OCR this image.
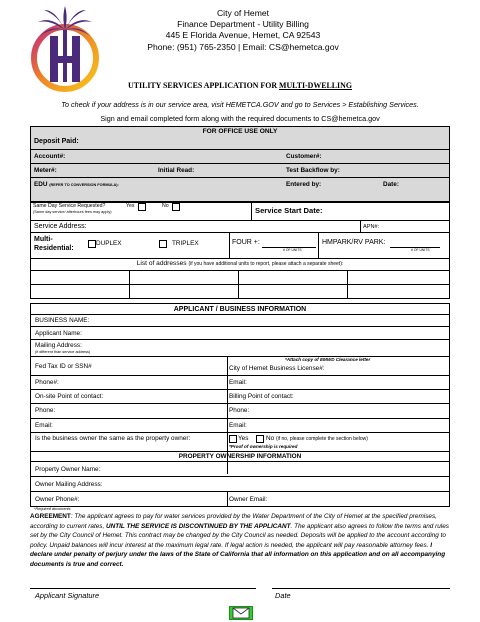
City of Hemet
Finance Department - Utility Billing
445 E Florida Avenue, Hemet, CA 92543
Phone: (951) 765-2350 | Email: CS@hemetca.gov
UTILITY SERVICES APPLICATION FOR MULTI-DWELLING
To check if your address is in our service area, visit HEMETCA.GOV and go to Services > Establishing Services.
Sign and email completed form along with the required documents to CS@hemetca.gov
FOR OFFICE USE ONLY
Deposit Paid:
Account#:	Customer#:
Meter#:	Initial Read:	Test Backflow by:
EDU (REFER TO CONVERSION FORMULA):	Entered by:	Date:
Same Day Service Requested?
(Same day service/ afterhours fees may apply)
Yes	No	Service Start Date:
Service Address:	APN#:
Multi-
Residential:
DUPLEX	TRIPLEX	FOUR +:
# OF UNITS
HMPARK/RV PARK:
# OF UNITS
List of addresses (if you have additional units to report, please attach a separate sheet):
APPLICANT / BUSINESS INFORMATION
BUSINESS NAME:
Applicant Name:
Mailing Address:
(if different than service address)
Fed Tax ID or SSN#
*Attach copy of EMWD Clearance letter
City of Hemet Business License#:
Phone#:	Email:
On-site Point of contact:	Billing Point of contact:
Phone:	Phone:
Email:	Email:
Is the business owner the same as the property owner:	Yes	No (if no, please complete the section below)
*Proof of ownership is required
PROPERTY OWNERSHIP INFORMATION
Property Owner Name:
Owner Mailing Address:
Owner Phone#:	Owner Email:
*Required documents
AGREEMENT: The applicant agrees to pay for water services provided by the Water Department of the City of Hemet at the specified premises, according to current rates, UNTIL THE SERVICE IS DISCONTINUED BY THE APPLICANT. The applicant also agrees to follow the terms and rules set by the City Council of Hemet. This contract may be changed by the City Council as needed. Deposits will be applied to the account according to policy. Unpaid balances will incur interest at the maximum legal rate. If legal action is needed, the applicant will pay reasonable attorney fees. I declare under penalty of perjury under the laws of the State of California that all information on this application and on all accompanying documents is true and correct.
Applicant Signature	Date
